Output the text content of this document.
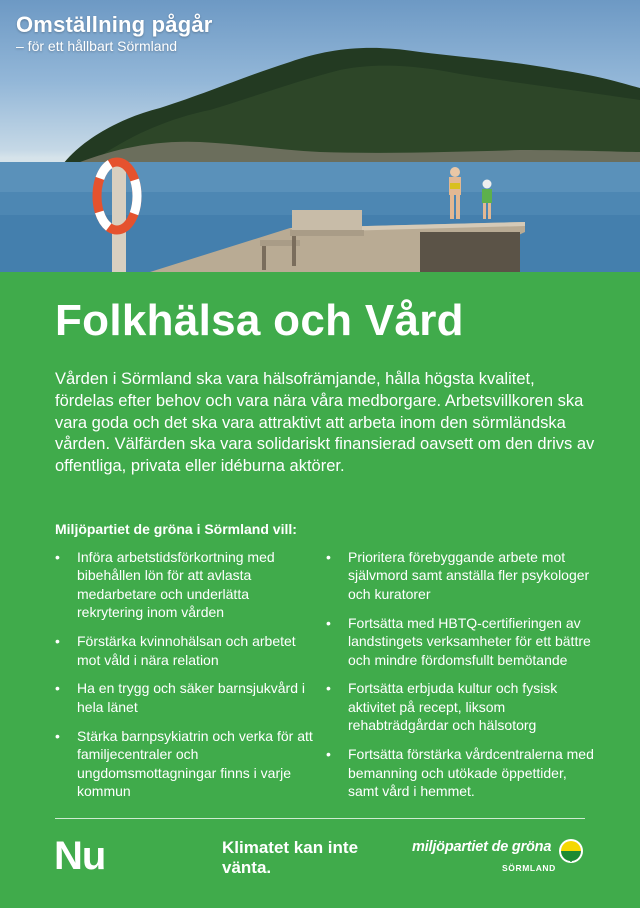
Omställning pågår
– för ett hållbart Sörmland
Folkhälsa och Vård

Vården i Sörmland ska vara hälsofrämjande, hålla högsta kvalitet, fördelas efter behov och vara nära våra medborgare. Arbetsvillkoren ska vara goda och det ska vara attraktivt att arbeta inom den sörmländska vården. Välfärden ska vara solidariskt finansierad oavsett om den drivs av offentliga, privata eller idéburna aktörer.

Miljöpartiet de gröna i Sörmland vill:
• Införa arbetstidsförkortning med bibehållen lön för att avlasta medarbetare och underlätta rekrytering inom vården
• Förstärka kvinnohälsan och arbetet mot våld i nära relation
• Ha en trygg och säker barnsjukvård i hela länet
• Stärka barnpsykiatrin och verka för att familjecentraler och ungdomsmottagningar finns i varje kommun
• Prioritera förebyggande arbete mot självmord samt anställa fler psykologer och kuratorer
• Fortsätta med HBTQ-certifieringen av landstingets verksamheter för ett bättre och mindre fördomsfullt bemötande
• Fortsätta erbjuda kultur och fysisk aktivitet på recept, liksom rehabträdgårdar och hälsotorg
• Fortsätta förstärka vårdcentralerna med bemanning och utökade öppettider, samt vård i hemmet.
Nu	Klimatet kan inte vänta.
miljöpartiet de gröna
SÖRMLAND
